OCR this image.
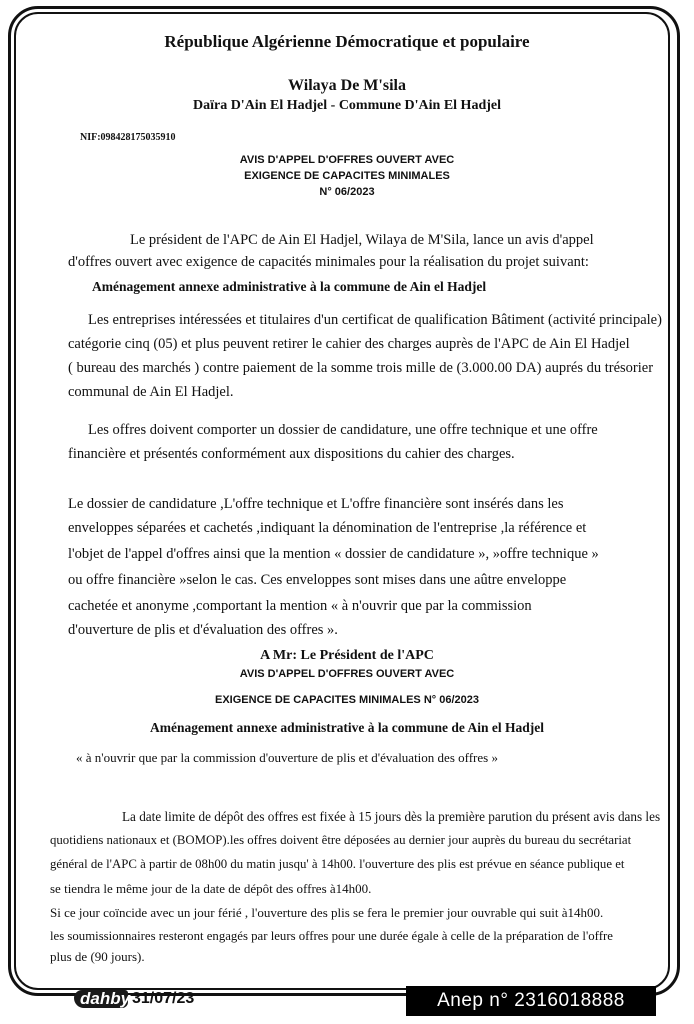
République Algérienne Démocratique et populaire
Wilaya De M'sila
Daïra D'Ain El Hadjel - Commune D'Ain El Hadjel
NIF:098428175035910
AVIS D'APPEL D'OFFRES OUVERT AVEC
EXIGENCE DE CAPACITES MINIMALES
N° 06/2023
Le président de l'APC de Ain El Hadjel, Wilaya de M'Sila, lance un avis d'appel
d'offres ouvert avec exigence de capacités minimales pour la réalisation du projet suivant:
Aménagement annexe administrative à la commune de Ain el Hadjel
Les entreprises intéressées et titulaires d'un certificat de qualification Bâtiment (activité principale)
catégorie cinq (05) et plus peuvent retirer le cahier des charges auprès de l'APC de Ain El Hadjel
( bureau des marchés ) contre paiement de la somme trois mille de (3.000.00 DA) auprés du trésorier
communal de Ain El Hadjel.
Les offres doivent comporter un dossier de candidature, une offre technique et une offre
financière et présentés conformément aux dispositions du cahier des charges.
Le dossier de candidature ,L'offre technique et L'offre financière sont insérés dans les
enveloppes séparées et cachetés ,indiquant la dénomination de l'entreprise ,la référence et
l'objet de l'appel d'offres ainsi que la mention « dossier de candidature », »offre technique »
ou offre financière »selon le cas. Ces enveloppes sont mises dans une aûtre enveloppe
cachetée et anonyme ,comportant la mention « à n'ouvrir que par la commission
d'ouverture de plis et d'évaluation des offres ».
A Mr: Le Président de l'APC
AVIS D'APPEL D'OFFRES OUVERT AVEC
EXIGENCE DE CAPACITES MINIMALES N° 06/2023
Aménagement annexe administrative à la commune de Ain el Hadjel
« à n'ouvrir que par la commission d'ouverture de plis et d'évaluation des offres »
La date limite de dépôt des offres est fixée à 15 jours dès la première parution du présent avis dans les
quotidiens nationaux et (BOMOP).les offres doivent être déposées au dernier jour auprès du bureau du secrétariat
général de l'APC à partir de 08h00 du matin jusqu' à 14h00. l'ouverture des plis est prévue en séance publique et
se tiendra le même jour de la date de dépôt des offres à14h00.
Si ce jour coïncide avec un jour férié , l'ouverture des plis se fera le premier jour ouvrable qui suit à14h00.
les soumissionnaires resteront engagés par leurs offres pour une durée égale à celle de la préparation de l'offre
plus de (90 jours).
dahby 31/07/23	Anep n° 2316018888
